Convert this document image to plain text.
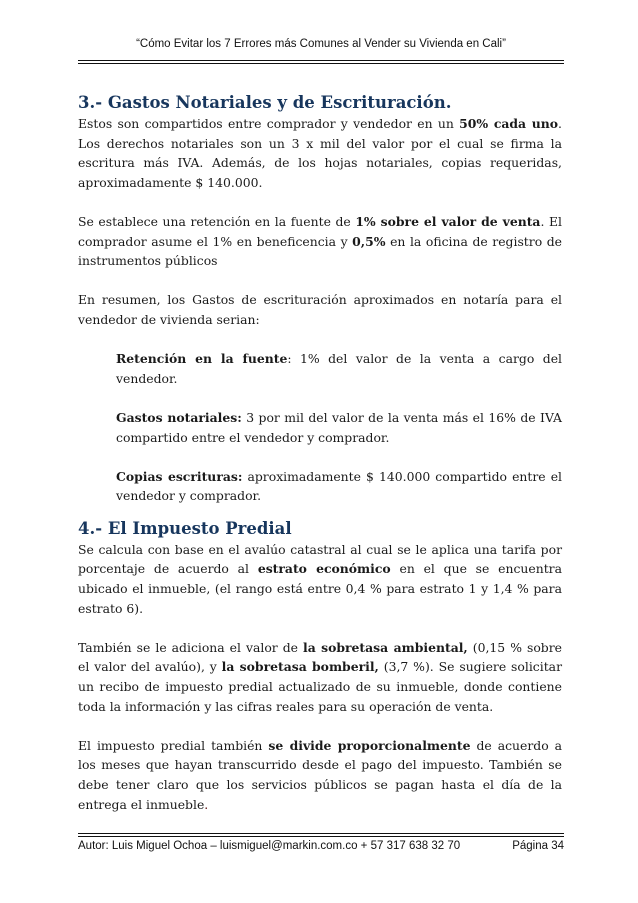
“Cómo Evitar los 7 Errores más Comunes al Vender su Vivienda en Cali”
3.- Gastos Notariales y de Escrituración.

Estos son compartidos entre comprador y vendedor en un 50% cada uno. Los derechos notariales son un 3 x mil del valor por el cual se firma la escritura más IVA. Además, de los hojas notariales, copias requeridas, aproximadamente $ 140.000.

Se establece una retención en la fuente de 1% sobre el valor de venta. El comprador asume el 1% en beneficencia y 0,5% en la oficina de registro de instrumentos públicos

En resumen, los Gastos de escrituración aproximados en notaría para el vendedor de vivienda serian:

Retención en la fuente: 1% del valor de la venta a cargo del vendedor.

Gastos notariales: 3 por mil del valor de la venta más el 16% de IVA compartido entre el vendedor y comprador.

Copias escrituras: aproximadamente $ 140.000 compartido entre el vendedor y comprador.

4.- El Impuesto Predial

Se calcula con base en el avalúo catastral al cual se le aplica una tarifa por porcentaje de acuerdo al estrato económico en el que se encuentra ubicado el inmueble, (el rango está entre 0,4 % para estrato 1 y 1,4 % para estrato 6).

También se le adiciona el valor de la sobretasa ambiental, (0,15 % sobre el valor del avalúo), y la sobretasa bomberil, (3,7 %). Se sugiere solicitar un recibo de impuesto predial actualizado de su inmueble, donde contiene toda la información y las cifras reales para su operación de venta.

El impuesto predial también se divide proporcionalmente de acuerdo a los meses que hayan transcurrido desde el pago del impuesto. También se debe tener claro que los servicios públicos se pagan hasta el día de la entrega el inmueble.

Autor: Luis Miguel Ochoa – luismiguel@markin.com.co + 57 317 638 32 70	Página 34
